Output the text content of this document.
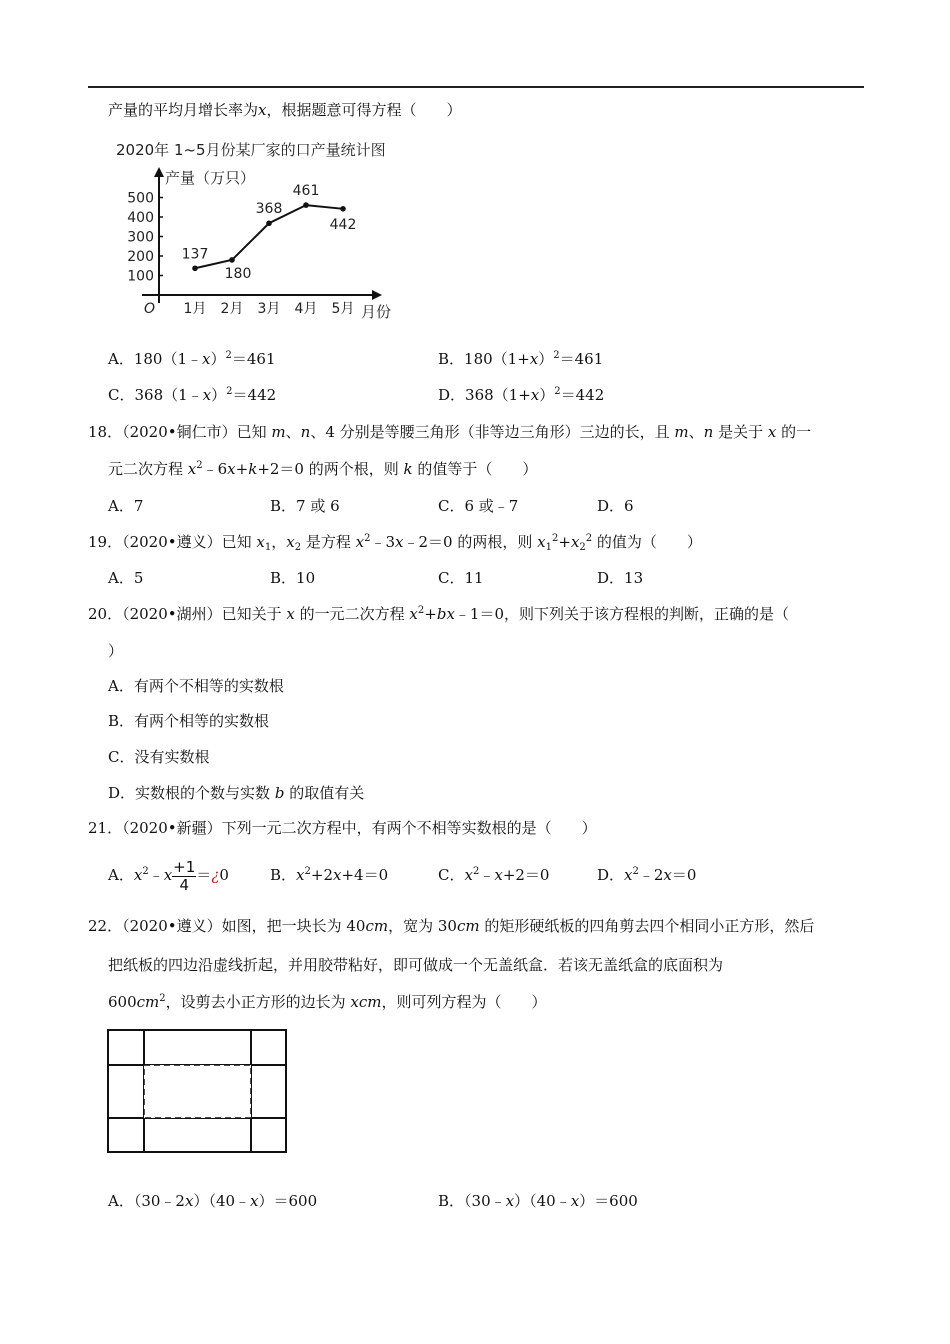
产量的平均月增长率为x，根据题意可得方程（　　）
2020年 1~5月份某厂家的口产量统计图
产量（万只）
月份
O
100
200
300
400
500
1月 2月 3月 4月 5月
137
180
368
461
442
A．180（1﹣x）$^2$＝461	B．$180(1+x)^2=461$
C．368（1﹣x）$^2$＝442	D．$368(1+x)^2=442$
18．（2020•铜仁市）已知 m、n、4 分别是等腰三角形（非等边三角形）三边的长，且 m、n 是关于 x 的一
元二次方程 $x^2﹣6x+k+2=0$ 的两个根，则 k 的值等于（　　）
A．7	B．7 或 6	C．6 或﹣7	D．6
19．（2020•遵义）已知 $x_1$，$x_2$ 是方程 $x^2﹣3x﹣2=0$ 的两根，则 $x_1^2+x_2^2$ 的值为（　　）
A．5	B．10	C．11	D．13
20．（2020•湖州）已知关于 x 的一元二次方程 $x^2+bx﹣1=0$，则下列关于该方程根的判断，正确的是（
）
A．有两个不相等的实数根
B．有两个相等的实数根
C．没有实数根
D．实数根的个数与实数 b 的取值有关
21．（2020•新疆）下列一元二次方程中，有两个不相等实数根的是（　　）
A．$x^2﹣x \frac{+1}{4}$ ＝¿0	B．$x^2+2x+4=0$	C．$x^2﹣x+2=0$	D．$x^2﹣2x=0$
22．（2020•遵义）如图，把一块长为 40cm，宽为 30cm 的矩形硬纸板的四角剪去四个相同小正方形，然后
把纸板的四边沿虚线折起，并用胶带粘好，即可做成一个无盖纸盒．若该无盖纸盒的底面积为
$600cm^2$，设剪去小正方形的边长为 xcm，则可列方程为（　　）
A．（30﹣2x）（40﹣x）＝600	B．（30﹣x）（40﹣x）＝600
